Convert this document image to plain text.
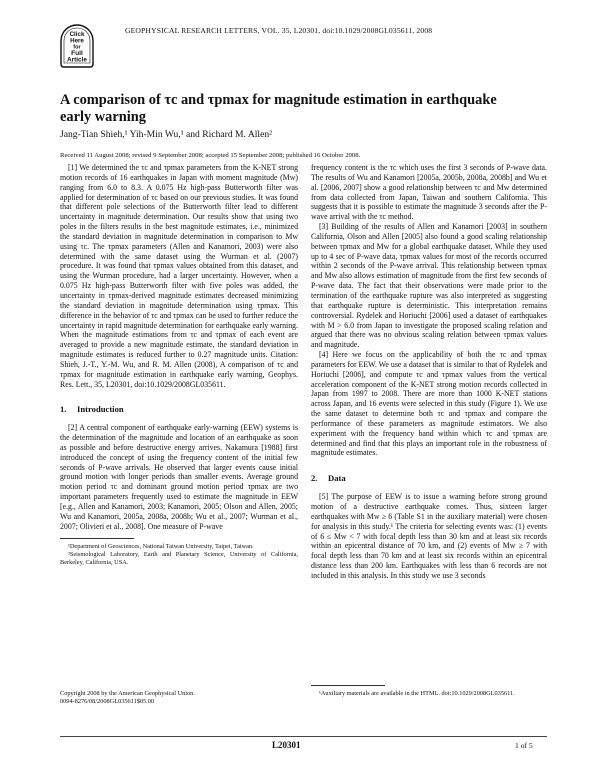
GEOPHYSICAL RESEARCH LETTERS, VOL. 35, L20301, doi:10.1029/2008GL035611, 2008
Click
Here
for
Full
Article
A comparison of τc and τpmax for magnitude estimation in earthquake early warning
Jang-Tian Shieh,¹ Yih-Min Wu,¹ and Richard M. Allen²
Received 11 August 2008; revised 9 September 2008; accepted 15 September 2008; published 16 October 2008.

[1] We determined the τc and τpmax parameters from the K-NET strong motion records of 16 earthquakes in Japan with moment magnitude (Mw) ranging from 6.0 to 8.3. A 0.075 Hz high-pass Butterworth filter was applied for determination of τc based on our previous studies. It was found that different pole selections of the Butterworth filter lead to different uncertainty in magnitude determination. Our results show that using two poles in the filters results in the best magnitude estimates, i.e., minimized the standard deviation in magnitude determination in comparison to Mw using τc. The τpmax parameters (Allen and Kanamori, 2003) were also determined with the same dataset using the Wurman et al. (2007) procedure. It was found that τpmax values obtained from this dataset, and using the Wurman procedure, had a larger uncertainty. However, when a 0.075 Hz high-pass Butterworth filter with five poles was added, the uncertainty in τpmax-derived magnitude estimates decreased minimizing the standard deviation in magnitude determination using τpmax. This difference in the behavior of τc and τpmax can be used to further reduce the uncertainty in rapid magnitude determination for earthquake early warning. When the magnitude estimations from τc and τpmax of each event are averaged to provide a new magnitude estimate, the standard deviation in magnitude estimates is reduced further to 0.27 magnitude units. Citation: Shieh, J.-T., Y.-M. Wu, and R. M. Allen (2008), A comparison of τc and τpmax for magnitude estimation in earthquake early warning, Geophys. Res. Lett., 35, L20301, doi:10.1029/2008GL035611.

1. Introduction

[2] A central component of earthquake early-warning (EEW) systems is the determination of the magnitude and location of an earthquake as soon as possible and before destructive energy arrives. Nakamura [1988] first introduced the concept of using the frequency content of the initial few seconds of P-wave arrivals. He observed that larger events cause initial ground motion with longer periods than smaller events. Average ground motion period τc and dominant ground motion period τpmax are two important parameters frequently used to estimate the magnitude in EEW [e.g., Allen and Kanamori, 2003; Kanamori, 2005; Olson and Allen, 2005; Wu and Kanamori, 2005a, 2008a, 2008b; Wu et al., 2007; Wurman et al., 2007; Olivieri et al., 2008]. One measure of P-wave

¹Department of Geosciences, National Taiwan University, Taipei, Taiwan.

²Seismological Laboratory, Earth and Planetary Science, University of California, Berkeley, California, USA.

Copyright 2008 by the American Geophysical Union.
0094-8276/08/2008GL035611$05.00

frequency content is the τc which uses the first 3 seconds of P-wave data. The results of Wu and Kanamori [2005a, 2005b, 2008a, 2008b] and Wu et al. [2006, 2007] show a good relationship between τc and Mw determined from data collected from Japan, Taiwan and southern California. This suggests that it is possible to estimate the magnitude 3 seconds after the P-wave arrival with the τc method.

[3] Building of the results of Allen and Kanamori [2003] in southern California, Olson and Allen [2005] also found a good scaling relationship between τpmax and Mw for a global earthquake dataset. While they used up to 4 sec of P-wave data, τpmax values for most of the records occurred within 2 seconds of the P-wave arrival. This relationship between τpmax and Mw also allows estimation of magnitude from the first few seconds of P-wave data. The fact that their observations were made prior to the termination of the earthquake rupture was also interpreted as suggesting that earthquake rupture is deterministic. This interpretation remains controversial. Rydelek and Horiuchi [2006] used a dataset of earthquakes with M > 6.0 from Japan to investigate the proposed scaling relation and argued that there was no obvious scaling relation between τpmax values and magnitude.

[4] Here we focus on the applicability of both the τc and τpmax parameters for EEW. We use a dataset that is similar to that of Rydelek and Horiuchi [2006], and compute τc and τpmax values from the vertical acceleration component of the K-NET strong motion records collected in Japan from 1997 to 2008. There are more than 1000 K-NET stations across Japan, and 16 events were selected in this study (Figure 1). We use the same dataset to determine both τc and τpmax and compare the performance of these parameters as magnitude estimators. We also experiment with the frequency band within which τc and τpmax are determined and find that this plays an important role in the robustness of magnitude estimates.

2. Data

[5] The purpose of EEW is to issue a warning before strong ground motion of a destructive earthquake comes. Thus, sixteen larger earthquakes with Mw ≥ 6 (Table S1 in the auxiliary material) were chosen for analysis in this study.¹ The criteria for selecting events was: (1) events of 6 ≤ Mw < 7 with focal depth less than 30 km and at least six records within an epicentral distance of 70 km, and (2) events of Mw ≥ 7 with focal depth less than 70 km and at least six records within an epicentral distance less than 200 km. Earthquakes with less than 6 records are not included in this analysis. In this study we use 3 seconds

¹Auxiliary materials are available in the HTML. doi:10.1029/2008GL035611.

L20301	1 of 5
